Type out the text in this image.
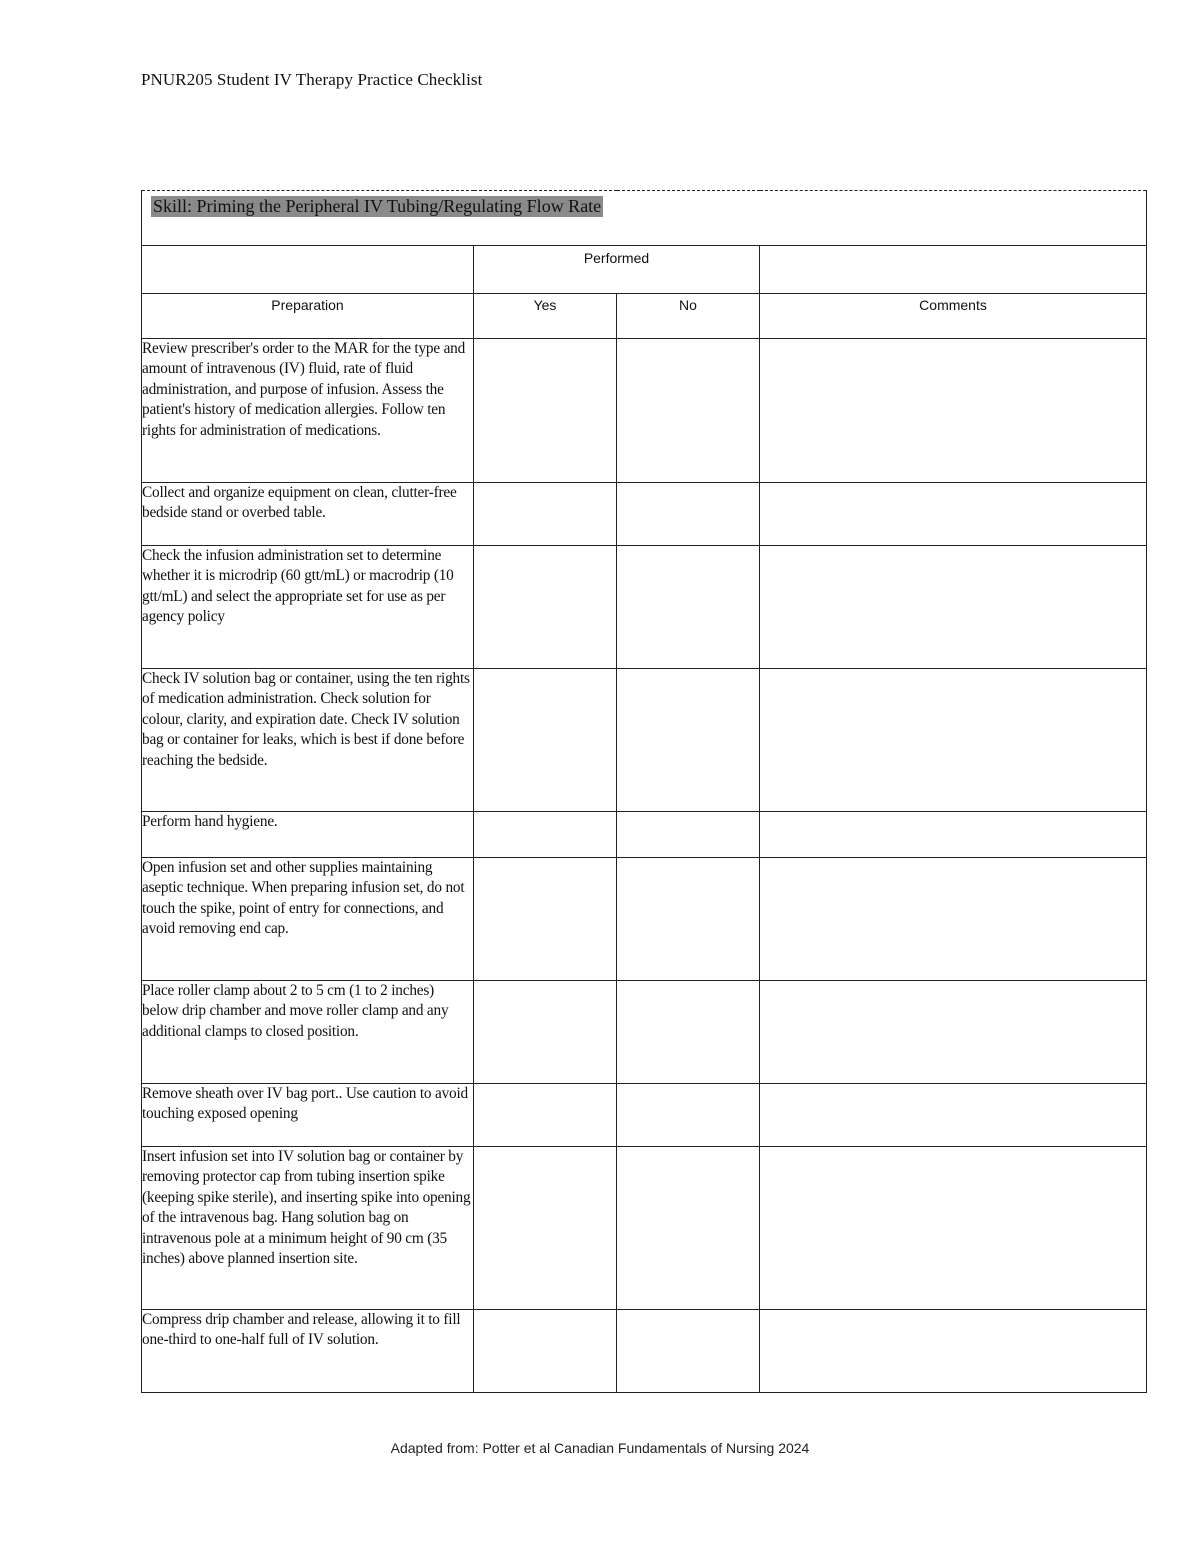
PNUR205 Student IV Therapy Practice Checklist
Skill: Priming the Peripheral IV Tubing/Regulating Flow Rate			
	Performed		
Preparation	Yes	No	Comments
Review prescriber's order to the MAR for the type and amount of intravenous (IV) fluid, rate of fluid administration, and purpose of infusion. Assess the patient's history of medication allergies. Follow ten rights for administration of medications.			
Collect and organize equipment on clean, clutter-free bedside stand or overbed table.			
Check the infusion administration set to determine whether it is microdrip (60 gtt/mL) or macrodrip (10 gtt/mL) and select the appropriate set for use as per agency policy			
Check IV solution bag or container, using the ten rights of medication administration. Check solution for colour, clarity, and expiration date. Check IV solution bag or container for leaks, which is best if done before reaching the bedside.			
Perform hand hygiene.			
Open infusion set and other supplies maintaining aseptic technique. When preparing infusion set, do not touch the spike, point of entry for connections, and avoid removing end cap.			
Place roller clamp about 2 to 5 cm (1 to 2 inches) below drip chamber and move roller clamp and any additional clamps to closed position.			
Remove sheath over IV bag port.. Use caution to avoid touching exposed opening			
Insert infusion set into IV solution bag or container by removing protector cap from tubing insertion spike (keeping spike sterile), and inserting spike into opening of the intravenous bag. Hang solution bag on intravenous pole at a minimum height of 90 cm (35 inches) above planned insertion site.			
Compress drip chamber and release, allowing it to fill one-third to one-half full of IV solution.			
Adapted from: Potter et al Canadian Fundamentals of Nursing 2024
